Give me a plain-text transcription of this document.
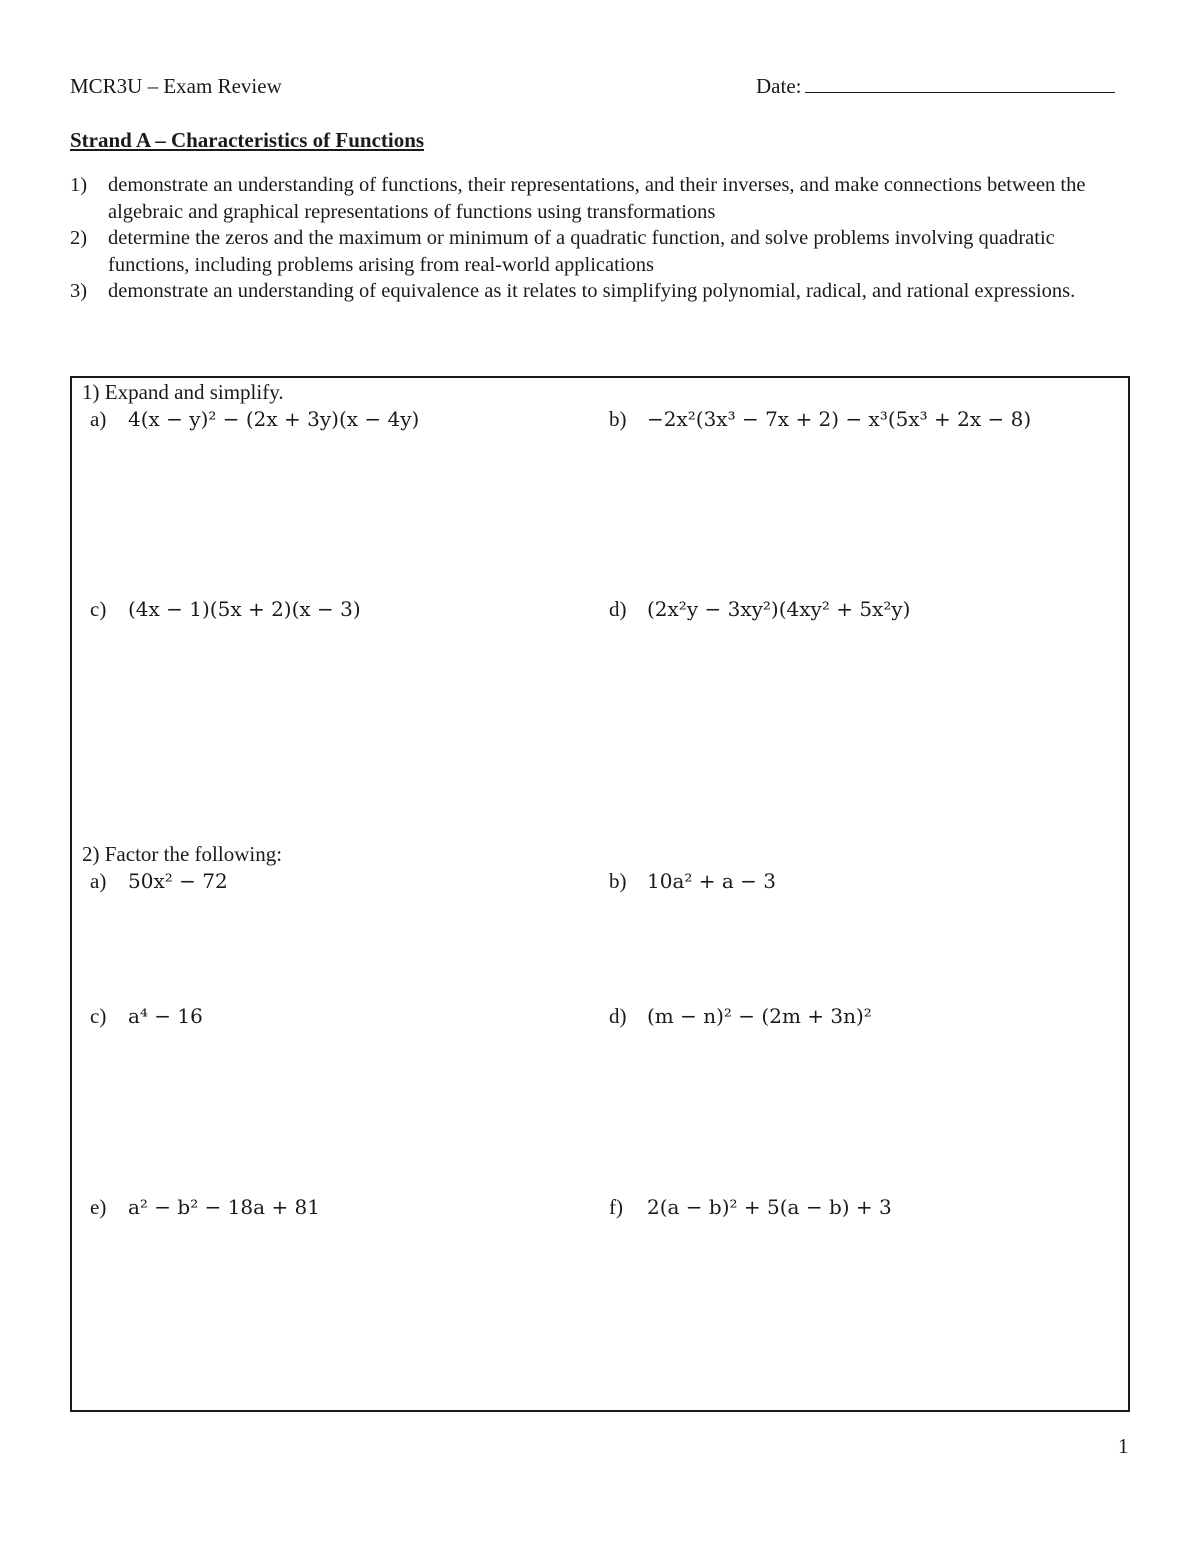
MCR3U – Exam Review	Date:
Strand A – Characteristics of Functions
1) demonstrate an understanding of functions, their representations, and their inverses, and make connections between the algebraic and graphical representations of functions using transformations
2) determine the zeros and the maximum or minimum of a quadratic function, and solve problems involving quadratic functions, including problems arising from real-world applications
3) demonstrate an understanding of equivalence as it relates to simplifying polynomial, radical, and rational expressions.
1) Expand and simplify.
a) 4(x − y)² − (2x + 3y)(x − 4y)	b) −2x²(3x³ − 7x + 2) − x³(5x³ + 2x − 8)
c) (4x − 1)(5x + 2)(x − 3)	d) (2x²y − 3xy²)(4xy² + 5x²y)
2) Factor the following:
a) 50x² − 72	b) 10a² + a − 3
c) a⁴ − 16	d) (m − n)² − (2m + 3n)²
e) a² − b² − 18a + 81	f) 2(a − b)² + 5(a − b) + 3
1
